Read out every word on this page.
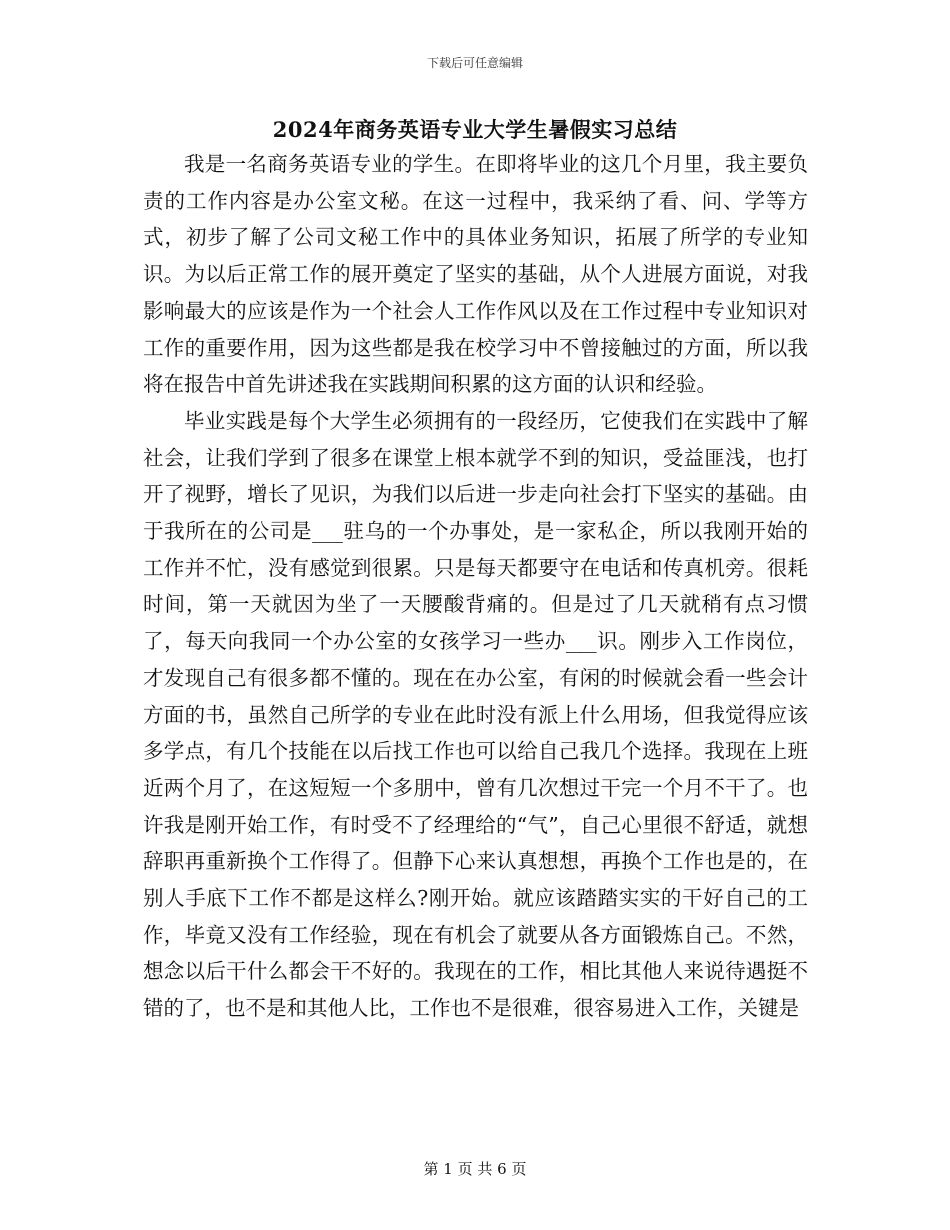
下载后可任意编辑
2024年商务英语专业大学生暑假实习总结

我是一名商务英语专业的学生。在即将毕业的这几个月里，我主要负责的工作内容是办公室文秘。在这一过程中，我采纳了看、问、学等方式，初步了解了公司文秘工作中的具体业务知识，拓展了所学的专业知识。为以后正常工作的展开奠定了坚实的基础，从个人进展方面说，对我影响最大的应该是作为一个社会人工作作风以及在工作过程中专业知识对工作的重要作用，因为这些都是我在校学习中不曾接触过的方面，所以我将在报告中首先讲述我在实践期间积累的这方面的认识和经验。

毕业实践是每个大学生必须拥有的一段经历，它使我们在实践中了解社会，让我们学到了很多在课堂上根本就学不到的知识，受益匪浅，也打开了视野，增长了见识，为我们以后进一步走向社会打下坚实的基础。由于我所在的公司是___驻乌的一个办事处，是一家私企，所以我刚开始的工作并不忙，没有感觉到很累。只是每天都要守在电话和传真机旁。很耗时间，第一天就因为坐了一天腰酸背痛的。但是过了几天就稍有点习惯了，每天向我同一个办公室的女孩学习一些办___识。刚步入工作岗位，才发现自己有很多都不懂的。现在在办公室，有闲的时候就会看一些会计方面的书，虽然自己所学的专业在此时没有派上什么用场，但我觉得应该多学点，有几个技能在以后找工作也可以给自己我几个选择。我现在上班近两个月了，在这短短一个多朋中，曾有几次想过干完一个月不干了。也许我是刚开始工作，有时受不了经理给的“气”，自己心里很不舒适，就想辞职再重新换个工作得了。但静下心来认真想想，再换个工作也是的，在别人手底下工作不都是这样么?刚开始。就应该踏踏实实的干好自己的工作，毕竟又没有工作经验，现在有机会了就要从各方面锻炼自己。不然，想念以后干什么都会干不好的。我现在的工作，相比其他人来说待遇挺不错的了，也不是和其他人比，工作也不是很难，很容易进入工作，关键是

第 1 页 共 6 页
